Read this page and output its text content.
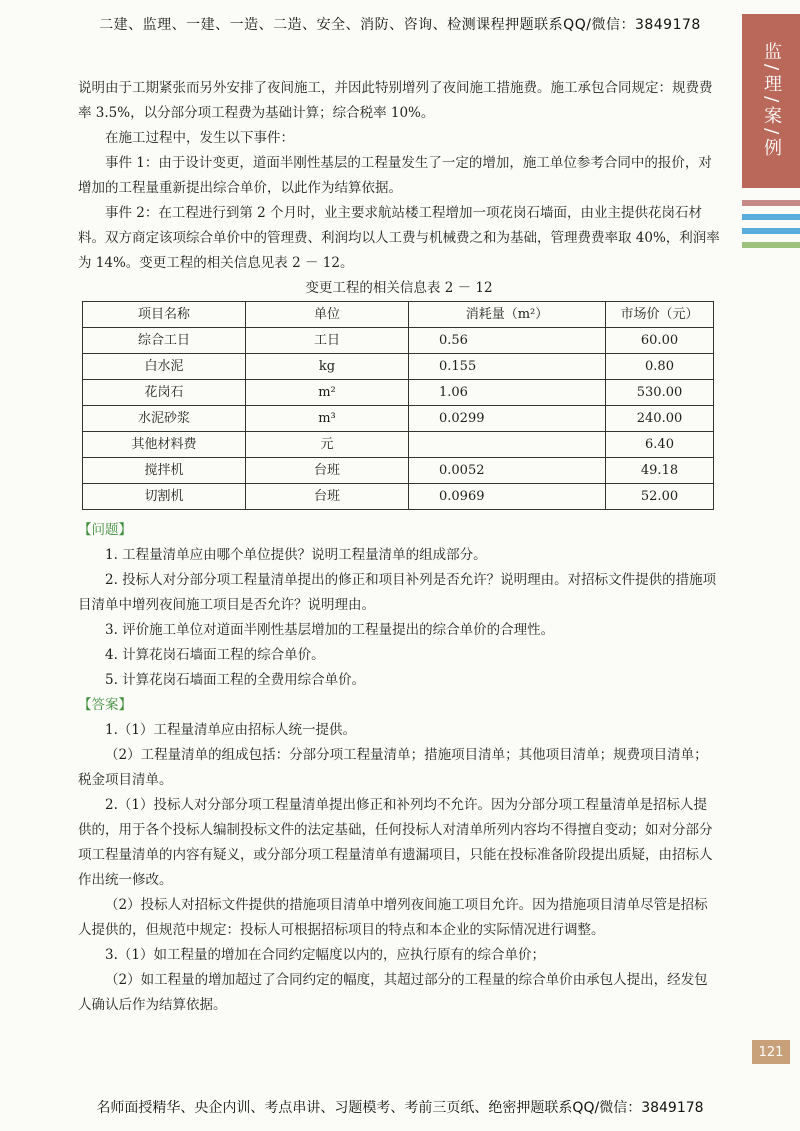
二建、监理、一建、一造、二造、安全、消防、咨询、检测课程押题联系QQ/微信：3849178
监/理/案/例

说明由于工期紧张而另外安排了夜间施工，并因此特别增列了夜间施工措施费。施工承包合同规定：规费费率 3.5%，以分部分项工程费为基础计算；综合税率 10%。

在施工过程中，发生以下事件：

事件 1：由于设计变更，道面半刚性基层的工程量发生了一定的增加，施工单位参考合同中的报价，对增加的工程量重新提出综合单价，以此作为结算依据。

事件 2：在工程进行到第 2 个月时，业主要求航站楼工程增加一项花岗石墙面，由业主提供花岗石材料。双方商定该项综合单价中的管理费、利润均以人工费与机械费之和为基础，管理费费率取 40%，利润率为 14%。变更工程的相关信息见表 2 － 12。

变更工程的相关信息表 2 － 12

项目名称	单位	消耗量（m²）	市场价（元）
综合工日	工日	0.56	60.00
白水泥	kg	0.155	0.80
花岗石	m²	1.06	530.00
水泥砂浆	m³	0.0299	240.00
其他材料费	元		6.40
搅拌机	台班	0.0052	49.18
切割机	台班	0.0969	52.00

【问题】

1. 工程量清单应由哪个单位提供？说明工程量清单的组成部分。

2. 投标人对分部分项工程量清单提出的修正和项目补列是否允许？说明理由。对招标文件提供的措施项目清单中增列夜间施工项目是否允许？说明理由。

3. 评价施工单位对道面半刚性基层增加的工程量提出的综合单价的合理性。

4. 计算花岗石墙面工程的综合单价。

5. 计算花岗石墙面工程的全费用综合单价。

【答案】

1.（1）工程量清单应由招标人统一提供。

（2）工程量清单的组成包括：分部分项工程量清单；措施项目清单；其他项目清单；规费项目清单；税金项目清单。

2.（1）投标人对分部分项工程量清单提出修正和补列均不允许。因为分部分项工程量清单是招标人提供的，用于各个投标人编制投标文件的法定基础，任何投标人对清单所列内容均不得擅自变动；如对分部分项工程量清单的内容有疑义，或分部分项工程量清单有遗漏项目，只能在投标准备阶段提出质疑，由招标人作出统一修改。

（2）投标人对招标文件提供的措施项目清单中增列夜间施工项目允许。因为措施项目清单尽管是招标人提供的，但规范中规定：投标人可根据招标项目的特点和本企业的实际情况进行调整。

3.（1）如工程量的增加在合同约定幅度以内的，应执行原有的综合单价；

（2）如工程量的增加超过了合同约定的幅度，其超过部分的工程量的综合单价由承包人提出，经发包人确认后作为结算依据。

121
名师面授精华、央企内训、考点串讲、习题模考、考前三页纸、绝密押题联系QQ/微信：3849178
